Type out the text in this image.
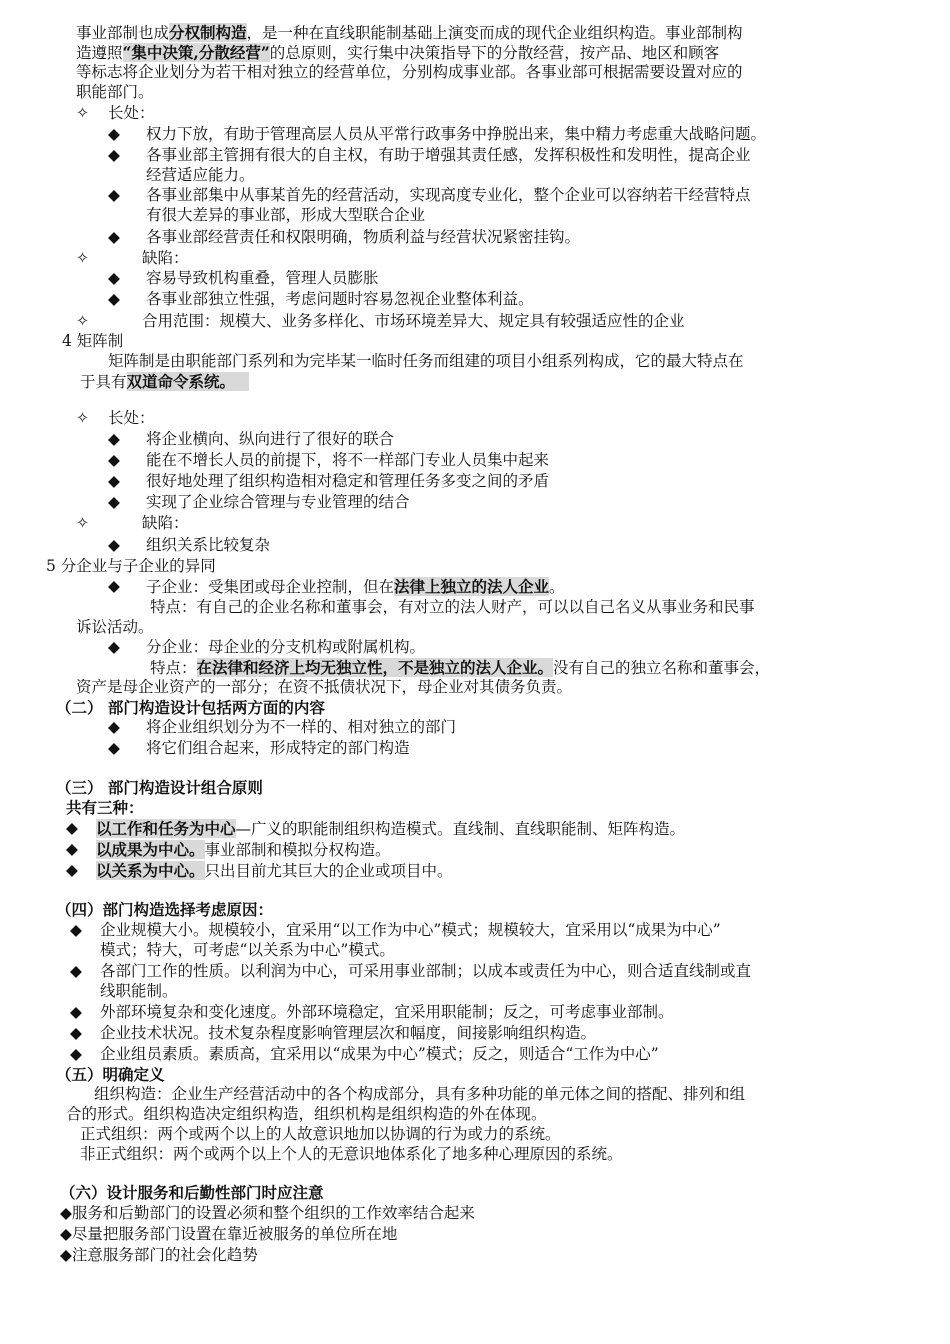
事业部制也成分权制构造，是一种在直线职能制基础上演变而成的现代企业组织构造。事业部制构
造遵照“集中决策,分散经营”的总原则，实行集中决策指导下的分散经营，按产品、地区和顾客
等标志将企业划分为若干相对独立的经营单位，分别构成事业部。各事业部可根据需要设置对应的
职能部门。
✧ 长处：
◆ 权力下放，有助于管理高层人员从平常行政事务中挣脱出来，集中精力考虑重大战略问题。
◆ 各事业部主管拥有很大的自主权，有助于增强其责任感，发挥积极性和发明性，提高企业
经营适应能力。
◆ 各事业部集中从事某首先的经营活动，实现高度专业化，整个企业可以容纳若干经营特点
有很大差异的事业部，形成大型联合企业
◆ 各事业部经营责任和权限明确，物质利益与经营状况紧密挂钩。
✧	缺陷：
◆ 容易导致机构重叠，管理人员膨胀
◆ 各事业部独立性强，考虑问题时容易忽视企业整体利益。
✧	合用范围：规模大、业务多样化、市场环境差异大、规定具有较强适应性的企业
4 矩阵制
矩阵制是由职能部门系列和为完毕某一临时任务而组建的项目小组系列构成，它的最大特点在
于具有双道命令系统。
✧ 长处：
◆ 将企业横向、纵向进行了很好的联合
◆ 能在不增长人员的前提下，将不一样部门专业人员集中起来
◆ 很好地处理了组织构造相对稳定和管理任务多变之间的矛盾
◆ 实现了企业综合管理与专业管理的结合
✧	缺陷：
◆ 组织关系比较复杂
5 分企业与子企业的异同
◆ 子企业：受集团或母企业控制，但在法律上独立的法人企业。
特点：有自己的企业名称和董事会，有对立的法人财产，可以以自己名义从事业务和民事
诉讼活动。
◆ 分企业：母企业的分支机构或附属机构。
特点：在法律和经济上均无独立性，不是独立的法人企业。没有自己的独立名称和董事会，
资产是母企业资产的一部分；在资不抵债状况下，母企业对其债务负责。
（二） 部门构造设计包括两方面的内容
◆ 将企业组织划分为不一样的、相对独立的部门
◆ 将它们组合起来，形成特定的部门构造
（三） 部门构造设计组合原则
共有三种：
◆ 以工作和任务为中心—广义的职能制组织构造模式。直线制、直线职能制、矩阵构造。
◆ 以成果为中心。事业部制和模拟分权构造。
◆ 以关系为中心。只出目前尤其巨大的企业或项目中。
（四）部门构造选择考虑原因：
◆ 企业规模大小。规模较小，宜采用“以工作为中心”模式；规模较大，宜采用以“成果为中心”
模式；特大，可考虑“以关系为中心”模式。
◆ 各部门工作的性质。以利润为中心，可采用事业部制；以成本或责任为中心，则合适直线制或直
线职能制。
◆ 外部环境复杂和变化速度。外部环境稳定，宜采用职能制；反之，可考虑事业部制。
◆ 企业技术状况。技术复杂程度影响管理层次和幅度，间接影响组织构造。
◆ 企业组员素质。素质高，宜采用以“成果为中心”模式；反之，则适合“工作为中心”
（五）明确定义
组织构造：企业生产经营活动中的各个构成部分，具有多种功能的单元体之间的搭配、排列和组
合的形式。组织构造决定组织构造，组织机构是组织构造的外在体现。
正式组织：两个或两个以上的人故意识地加以协调的行为或力的系统。
非正式组织：两个或两个以上个人的无意识地体系化了地多种心理原因的系统。
（六）设计服务和后勤性部门时应注意
◆服务和后勤部门的设置必须和整个组织的工作效率结合起来
◆尽量把服务部门设置在靠近被服务的单位所在地
◆注意服务部门的社会化趋势
